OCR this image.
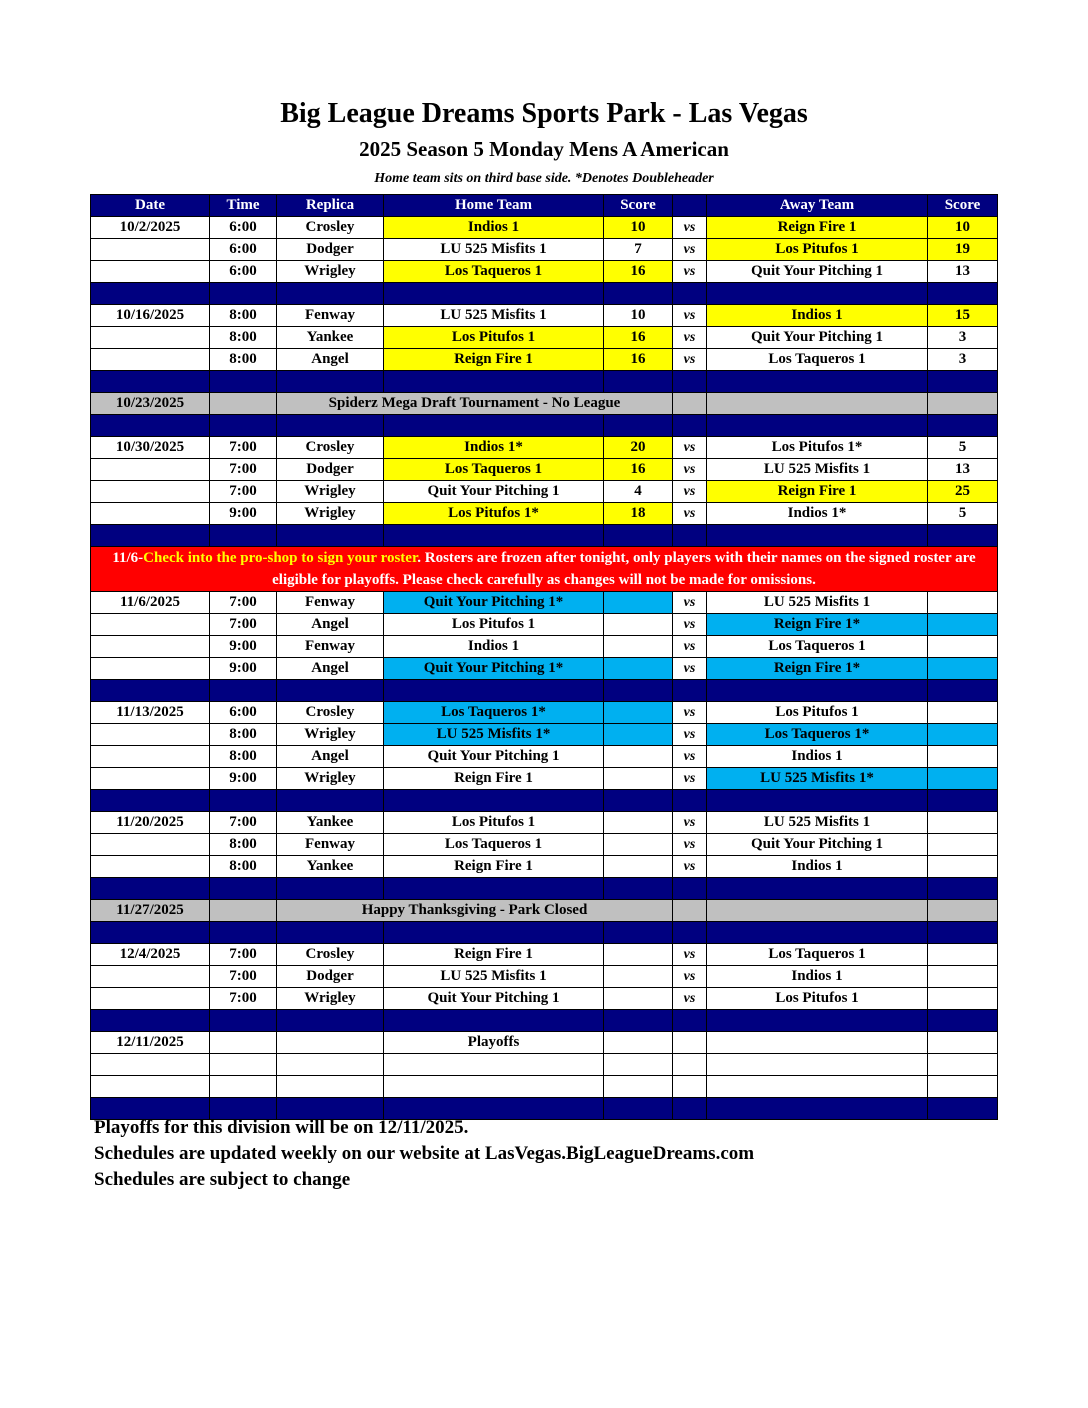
Big League Dreams Sports Park - Las Vegas
2025 Season 5 Monday Mens A American
Home team sits on third base side. *Denotes Doubleheader
Date	Time	Replica	Home Team	Score		Away Team	Score
10/2/2025	6:00	Crosley	Indios 1	10	vs	Reign Fire 1	10
	6:00	Dodger	LU 525 Misfits 1	7	vs	Los Pitufos 1	19
	6:00	Wrigley	Los Taqueros 1	16	vs	Quit Your Pitching 1	13

10/16/2025	8:00	Fenway	LU 525 Misfits 1	10	vs	Indios 1	15
	8:00	Yankee	Los Pitufos 1	16	vs	Quit Your Pitching 1	3
	8:00	Angel	Reign Fire 1	16	vs	Los Taqueros 1	3

10/23/2025		Spiderz Mega Draft Tournament - No League					

10/30/2025	7:00	Crosley	Indios 1*	20	vs	Los Pitufos 1*	5
	7:00	Dodger	Los Taqueros 1	16	vs	LU 525 Misfits 1	13
	7:00	Wrigley	Quit Your Pitching 1	4	vs	Reign Fire 1	25
	9:00	Wrigley	Los Pitufos 1*	18	vs	Indios 1*	5

11/6-Check into the pro-shop to sign your roster. Rosters are frozen after tonight, only players with their names on the signed roster are eligible for playoffs. Please check carefully as changes will not be made for omissions.							
11/6/2025	7:00	Fenway	Quit Your Pitching 1*		vs	LU 525 Misfits 1	
	7:00	Angel	Los Pitufos 1		vs	Reign Fire 1*	
	9:00	Fenway	Indios 1		vs	Los Taqueros 1	
	9:00	Angel	Quit Your Pitching 1*		vs	Reign Fire 1*	

11/13/2025	6:00	Crosley	Los Taqueros 1*		vs	Los Pitufos 1	
	8:00	Wrigley	LU 525 Misfits 1*		vs	Los Taqueros 1*	
	8:00	Angel	Quit Your Pitching 1		vs	Indios 1	
	9:00	Wrigley	Reign Fire 1		vs	LU 525 Misfits 1*	

11/20/2025	7:00	Yankee	Los Pitufos 1		vs	LU 525 Misfits 1	
	8:00	Fenway	Los Taqueros 1		vs	Quit Your Pitching 1	
	8:00	Yankee	Reign Fire 1		vs	Indios 1	

11/27/2025		Happy Thanksgiving - Park Closed					

12/4/2025	7:00	Crosley	Reign Fire 1		vs	Los Taqueros 1	
	7:00	Dodger	LU 525 Misfits 1		vs	Indios 1	
	7:00	Wrigley	Quit Your Pitching 1		vs	Los Pitufos 1	

12/11/2025			Playoffs				

Playoffs for this division will be on 12/11/2025.
Schedules are updated weekly on our website at LasVegas.BigLeagueDreams.com
Schedules are subject to change
